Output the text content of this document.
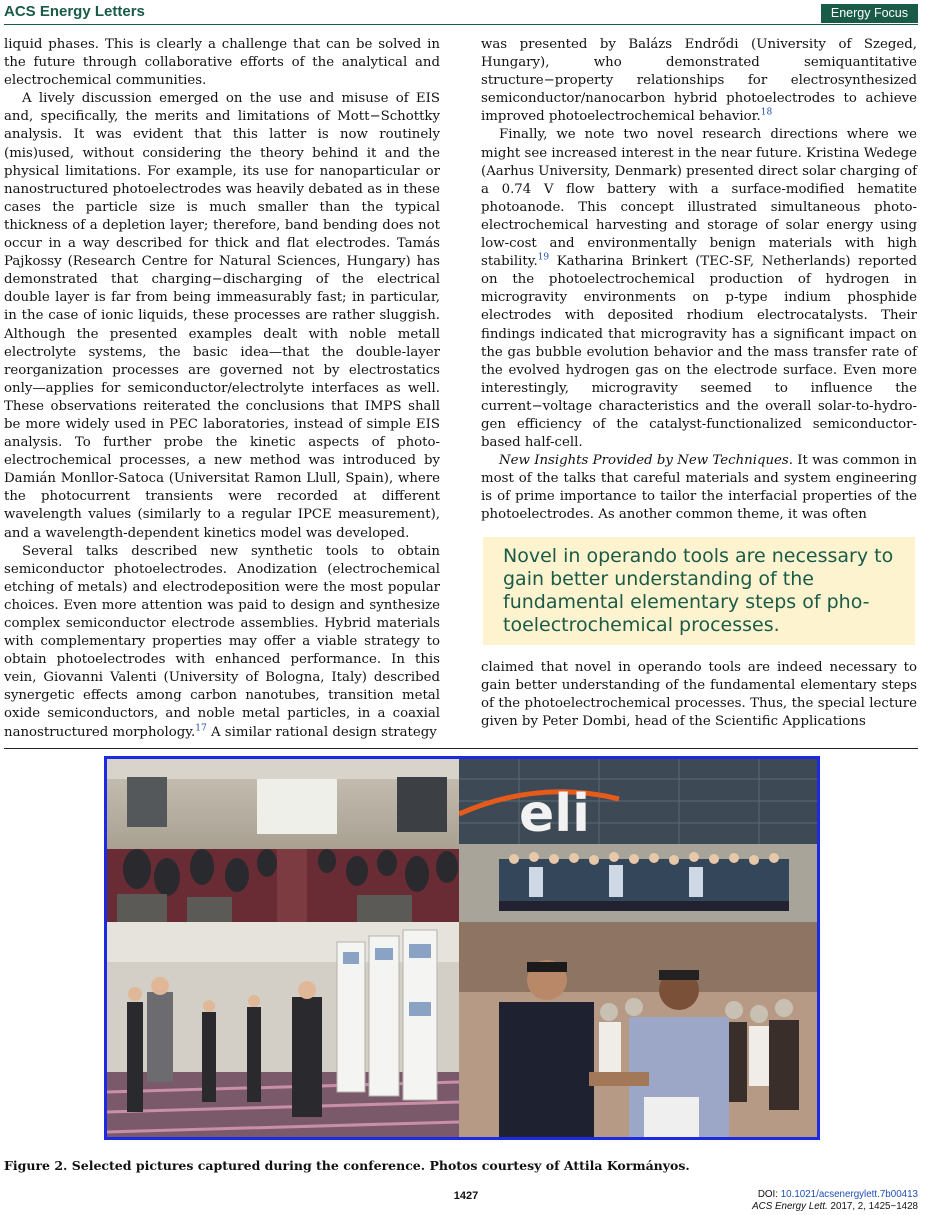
ACS Energy Letters	Energy Focus

liquid phases. This is clearly a challenge that can be solved in the future through collaborative efforts of the analytical and electrochemical communities.

A lively discussion emerged on the use and misuse of EIS and, specifically, the merits and limitations of Mott−Schottky analysis. It was evident that this latter is now routinely (mis)used, without considering the theory behind it and the physical limitations. For example, its use for nanoparticular or nanostructured photoelectrodes was heavily debated as in these cases the particle size is much smaller than the typical thickness of a depletion layer; therefore, band bending does not occur in a way described for thick and flat electrodes. Tamás Pajkossy (Research Centre for Natural Sciences, Hungary) has demonstrated that charging−discharging of the electrical double layer is far from being immeasurably fast; in particular, in the case of ionic liquids, these processes are rather sluggish. Although the presented examples dealt with noble metall electrolyte systems, the basic idea—that the double-layer reorganization processes are governed not by electrostatics only—applies for semiconductor/electrolyte interfaces as well. These observations reiterated the conclusions that IMPS shall be more widely used in PEC laboratories, instead of simple EIS analysis. To further probe the kinetic aspects of photo-electrochemical processes, a new method was introduced by Damián Monllor-Satoca (Universitat Ramon Llull, Spain), where the photocurrent transients were recorded at different wavelength values (similarly to a regular IPCE measurement), and a wavelength-dependent kinetics model was developed.

Several talks described new synthetic tools to obtain semiconductor photoelectrodes. Anodization (electrochemical etching of metals) and electrodeposition were the most popular choices. Even more attention was paid to design and synthesize complex semiconductor electrode assemblies. Hybrid materials with complementary properties may offer a viable strategy to obtain photoelectrodes with enhanced performance. In this vein, Giovanni Valenti (University of Bologna, Italy) described synergetic effects among carbon nanotubes, transition metal oxide semiconductors, and noble metal particles, in a coaxial nanostructured morphology.$^{17}$ A similar rational design strategy

was presented by Balázs Endrődi (University of Szeged, Hungary), who demonstrated semiquantitative structure−property relationships for electrosynthesized semiconductor/nanocarbon hybrid photoelectrodes to achieve improved photoelectrochemical behavior.$^{18}$

Finally, we note two novel research directions where we might see increased interest in the near future. Kristina Wedege (Aarhus University, Denmark) presented direct solar charging of a 0.74 V flow battery with a surface-modified hematite photoanode. This concept illustrated simultaneous photo-electrochemical harvesting and storage of solar energy using low-cost and environmentally benign materials with high stability.$^{19}$ Katharina Brinkert (TEC-SF, Netherlands) reported on the photoelectrochemical production of hydrogen in microgravity environments on p-type indium phosphide electrodes with deposited rhodium electrocatalysts. Their findings indicated that microgravity has a significant impact on the gas bubble evolution behavior and the mass transfer rate of the evolved hydrogen gas on the electrode surface. Even more interestingly, microgravity seemed to influence the current−voltage characteristics and the overall solar-to-hydro-gen efficiency of the catalyst-functionalized semiconductor-based half-cell.

New Insights Provided by New Techniques. It was common in most of the talks that careful materials and system engineering is of prime importance to tailor the interfacial properties of the photoelectrodes. As another common theme, it was often

Novel in operando tools are necessary to gain better understanding of the fundamental elementary steps of pho-toelectrochemical processes.

claimed that novel in operando tools are indeed necessary to gain better understanding of the fundamental elementary steps of the photoelectrochemical processes. Thus, the special lecture given by Peter Dombi, head of the Scientific Applications

eli
Figure 2. Selected pictures captured during the conference. Photos courtesy of Attila Kormányos.
1427	DOI: 10.1021/acsenergylett.7b00413
ACS Energy Lett. 2017, 2, 1425−1428
